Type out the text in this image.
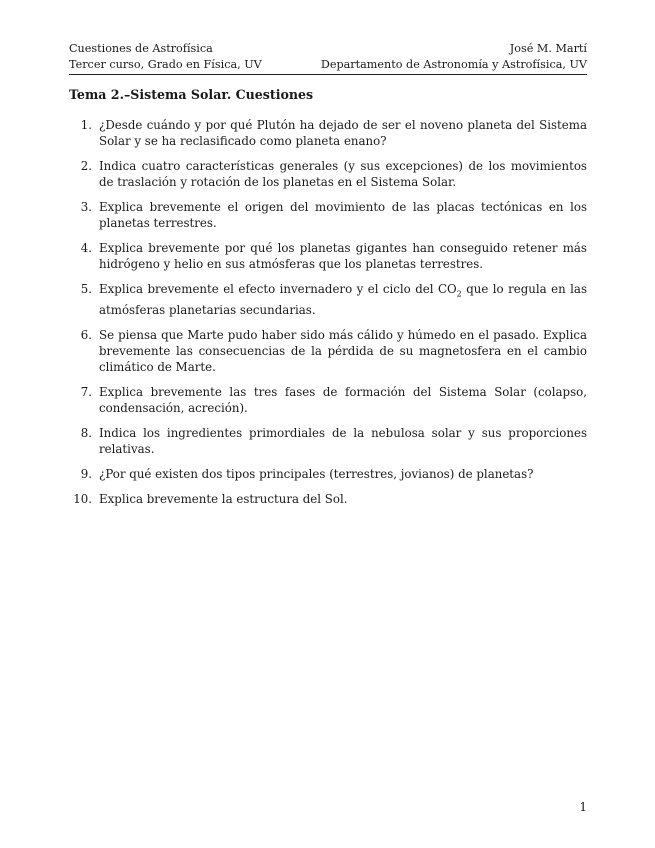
Cuestiones de Astrofísica	José M. Martí
Tercer curso, Grado en Física, UV	Departamento de Astronomía y Astrofísica, UV
Tema 2.–Sistema Solar. Cuestiones
1. ¿Desde cuándo y por qué Plutón ha dejado de ser el noveno planeta del Sistema Solar y se ha reclasificado como planeta enano?
2. Indica cuatro características generales (y sus excepciones) de los movimientos de traslación y rotación de los planetas en el Sistema Solar.
3. Explica brevemente el origen del movimiento de las placas tectónicas en los planetas terrestres.
4. Explica brevemente por qué los planetas gigantes han conseguido retener más hidrógeno y helio en sus atmósferas que los planetas terrestres.
5. Explica brevemente el efecto invernadero y el ciclo del $CO_2$ que lo regula en las atmósferas planetarias secundarias.
6. Se piensa que Marte pudo haber sido más cálido y húmedo en el pasado. Explica brevemente las consecuencias de la pérdida de su magnetosfera en el cambio climático de Marte.
7. Explica brevemente las tres fases de formación del Sistema Solar (colapso, condensación, acreción).
8. Indica los ingredientes primordiales de la nebulosa solar y sus proporciones relativas.
9. ¿Por qué existen dos tipos principales (terrestres, jovianos) de planetas?
10. Explica brevemente la estructura del Sol.
1
